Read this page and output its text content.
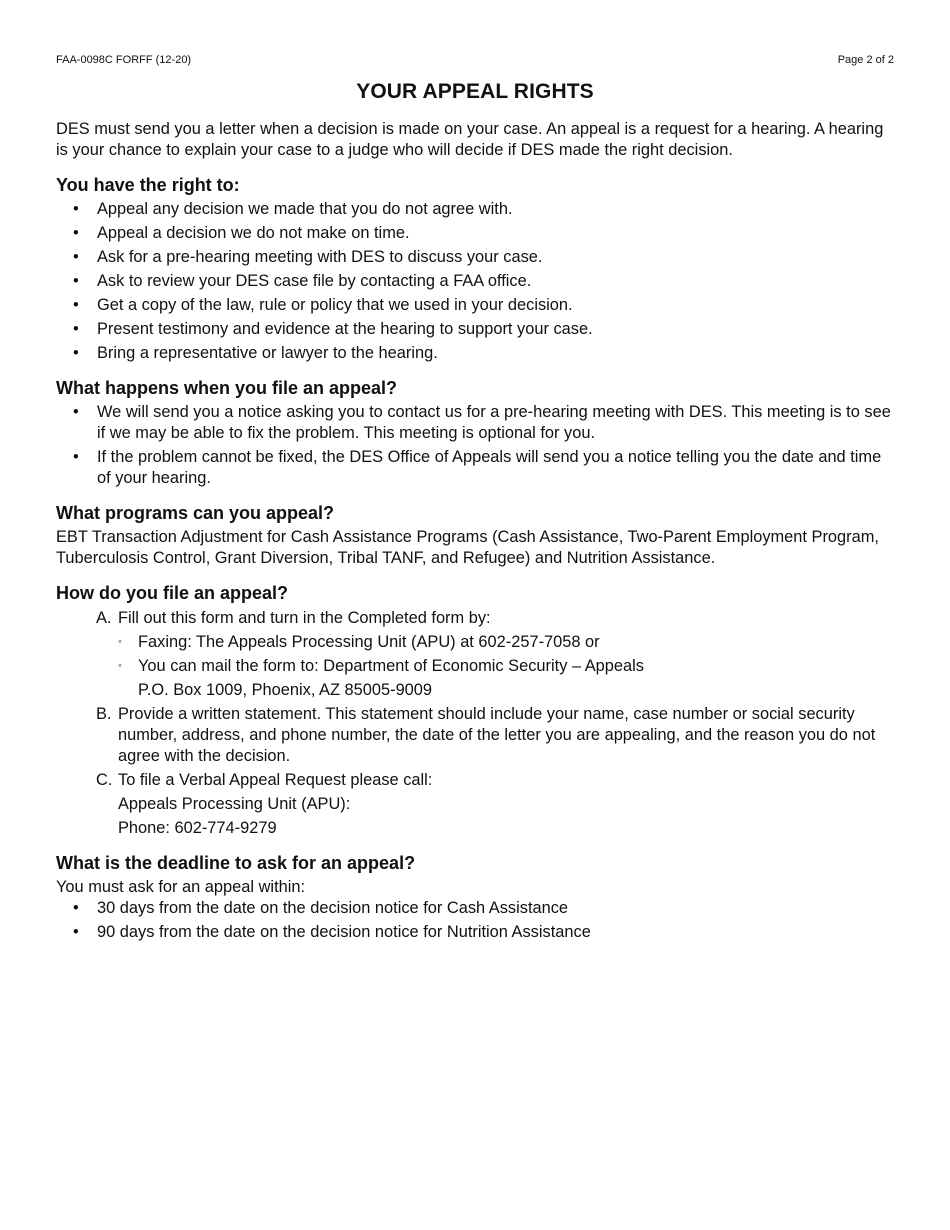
FAA-0098C FORFF (12-20)	Page 2 of 2
YOUR APPEAL RIGHTS

DES must send you a letter when a decision is made on your case. An appeal is a request for a hearing. A hearing is your chance to explain your case to a judge who will decide if DES made the right decision.

You have the right to:
• Appeal any decision we made that you do not agree with.
• Appeal a decision we do not make on time.
• Ask for a pre-hearing meeting with DES to discuss your case.
• Ask to review your DES case file by contacting a FAA office.
• Get a copy of the law, rule or policy that we used in your decision.
• Present testimony and evidence at the hearing to support your case.
• Bring a representative or lawyer to the hearing.
What happens when you file an appeal?
• We will send you a notice asking you to contact us for a pre-hearing meeting with DES. This meeting is to see if we may be able to fix the problem. This meeting is optional for you.
• If the problem cannot be fixed, the DES Office of Appeals will send you a notice telling you the date and time of your hearing.
What programs can you appeal?

EBT Transaction Adjustment for Cash Assistance Programs (Cash Assistance, Two-Parent Employment Program, Tuberculosis Control, Grant Diversion, Tribal TANF, and Refugee) and Nutrition Assistance.

How do you file an appeal?
A. Fill out this form and turn in the Completed form by:
◦ Faxing: The Appeals Processing Unit (APU) at 602-257-7058 or
◦ You can mail the form to: Department of Economic Security – Appeals
P.O. Box 1009, Phoenix, AZ 85005-9009
B. Provide a written statement. This statement should include your name, case number or social security number, address, and phone number, the date of the letter you are appealing, and the reason you do not agree with the decision.
C. To file a Verbal Appeal Request please call:
Appeals Processing Unit (APU):
Phone: 602-774-9279
What is the deadline to ask for an appeal?

You must ask for an appeal within:

• 30 days from the date on the decision notice for Cash Assistance
• 90 days from the date on the decision notice for Nutrition Assistance
